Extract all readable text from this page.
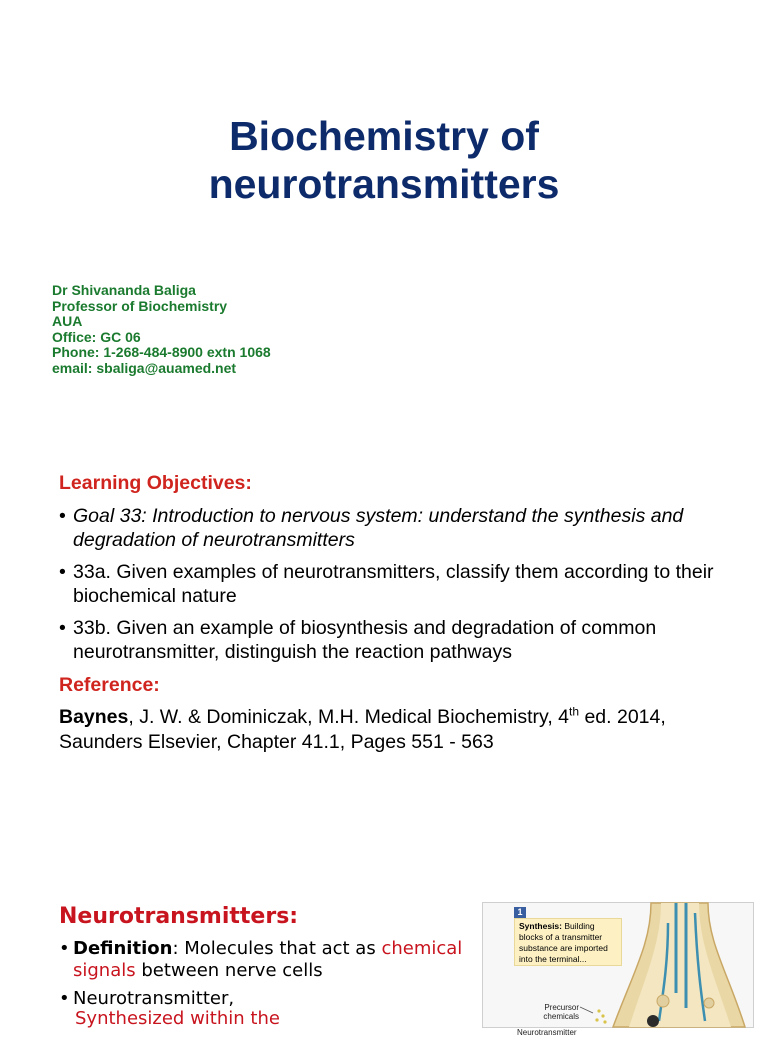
Biochemistry of
neurotransmitters
Dr Shivananda Baliga
Professor of Biochemistry
AUA
Office: GC 06
Phone: 1-268-484-8900 extn 1068
email: sbaliga@auamed.net
Learning Objectives:
• Goal 33: Introduction to nervous system: understand the synthesis and degradation of neurotransmitters
• 33a. Given examples of neurotransmitters, classify them according to their biochemical nature
• 33b. Given an example of biosynthesis and degradation of common neurotransmitter, distinguish the reaction pathways
Reference:
Baynes, J. W. & Dominiczak, M.H. Medical Biochemistry, 4th ed. 2014, Saunders Elsevier, Chapter 41.1, Pages 551 - 563
Neurotransmitters:
• Definition: Molecules that act as chemical signals between nerve cells
• Neurotransmitter,
Synthesized within the
1
Synthesis: Building blocks of a transmitter substance are imported into the terminal...
Precursor chemicals
Neurotransmitter
